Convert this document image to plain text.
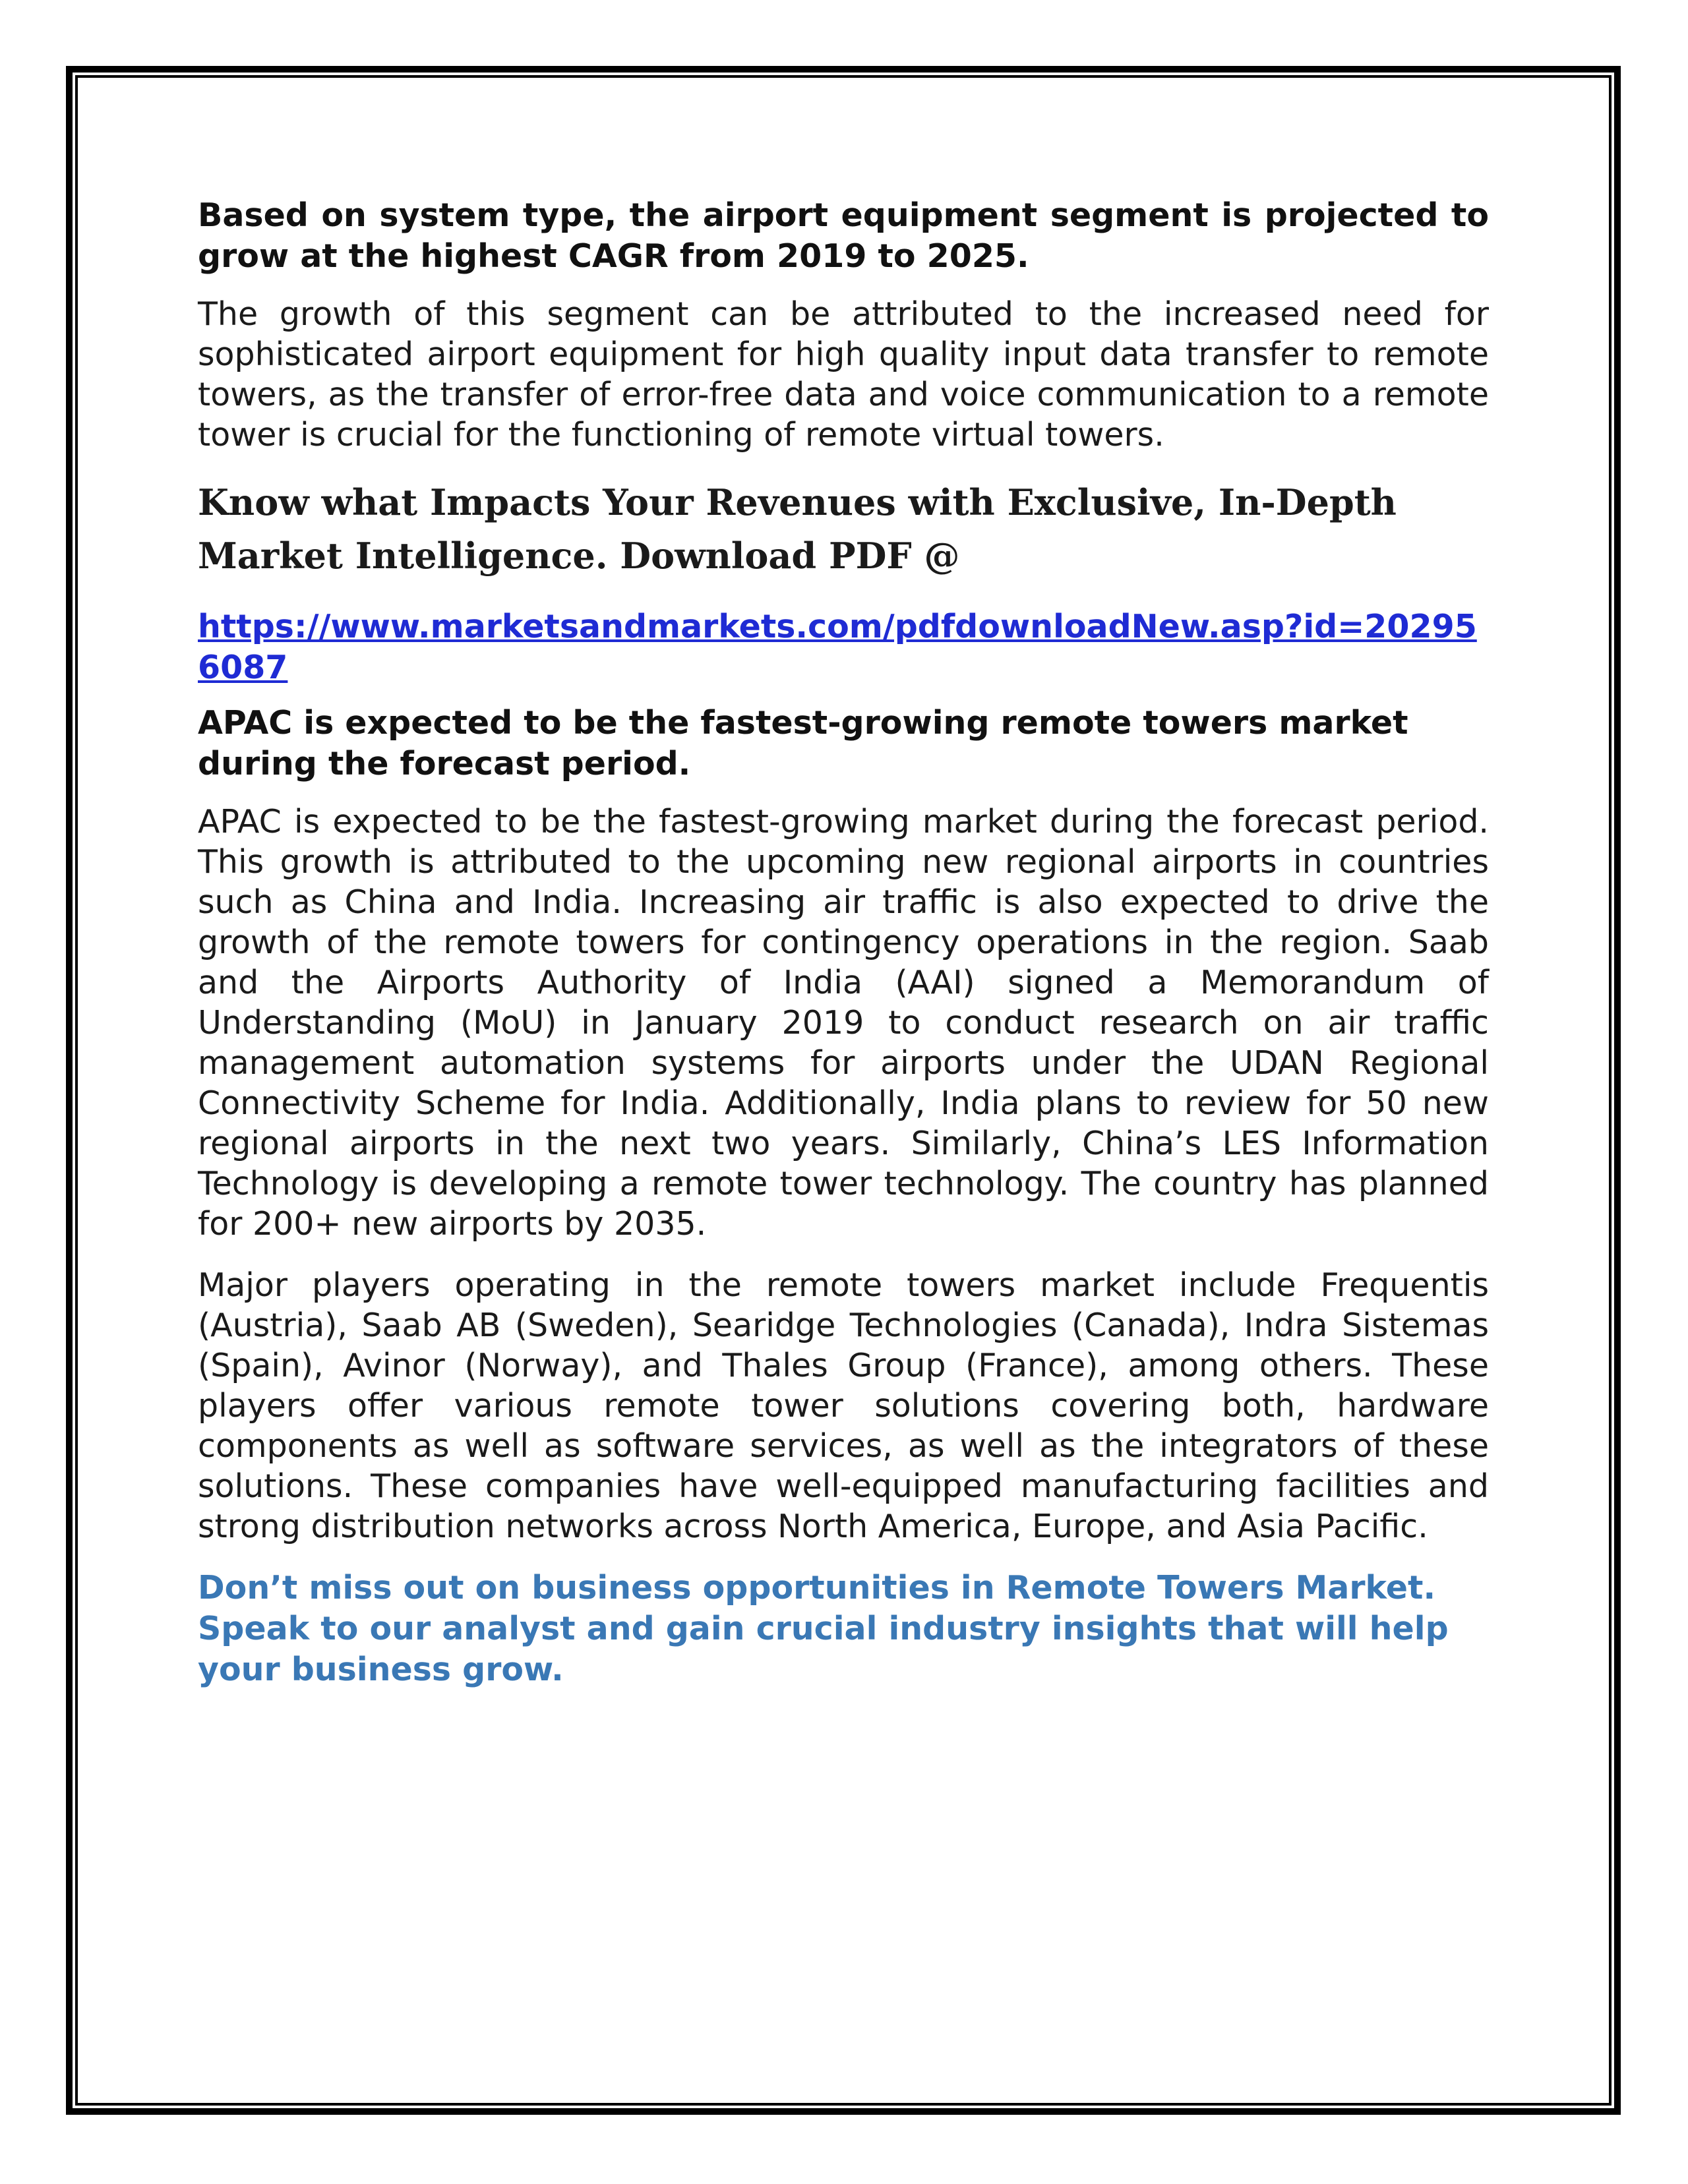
Based on system type, the airport equipment segment is projected to grow at the highest CAGR from 2019 to 2025.

The growth of this segment can be attributed to the increased need for sophisticated airport equipment for high quality input data transfer to remote towers, as the transfer of error-free data and voice communication to a remote tower is crucial for the functioning of remote virtual towers.

Know what Impacts Your Revenues with Exclusive, In-Depth Market Intelligence. Download PDF @

https://www.marketsandmarkets.com/pdfdownloadNew.asp?id=202956087

APAC is expected to be the fastest-growing remote towers market during the forecast period.

APAC is expected to be the fastest-growing market during the forecast period. This growth is attributed to the upcoming new regional airports in countries such as China and India. Increasing air traffic is also expected to drive the growth of the remote towers for contingency operations in the region. Saab and the Airports Authority of India (AAI) signed a Memorandum of Understanding (MoU) in January 2019 to conduct research on air traffic management automation systems for airports under the UDAN Regional Connectivity Scheme for India. Additionally, India plans to review for 50 new regional airports in the next two years. Similarly, China’s LES Information Technology is developing a remote tower technology. The country has planned for 200+ new airports by 2035.

Major players operating in the remote towers market include Frequentis (Austria), Saab AB (Sweden), Searidge Technologies (Canada), Indra Sistemas (Spain), Avinor (Norway), and Thales Group (France), among others. These players offer various remote tower solutions covering both, hardware components as well as software services, as well as the integrators of these solutions. These companies have well-equipped manufacturing facilities and strong distribution networks across North America, Europe, and Asia Pacific.

Don’t miss out on business opportunities in Remote Towers Market. Speak to our analyst and gain crucial industry insights that will help your business grow.
